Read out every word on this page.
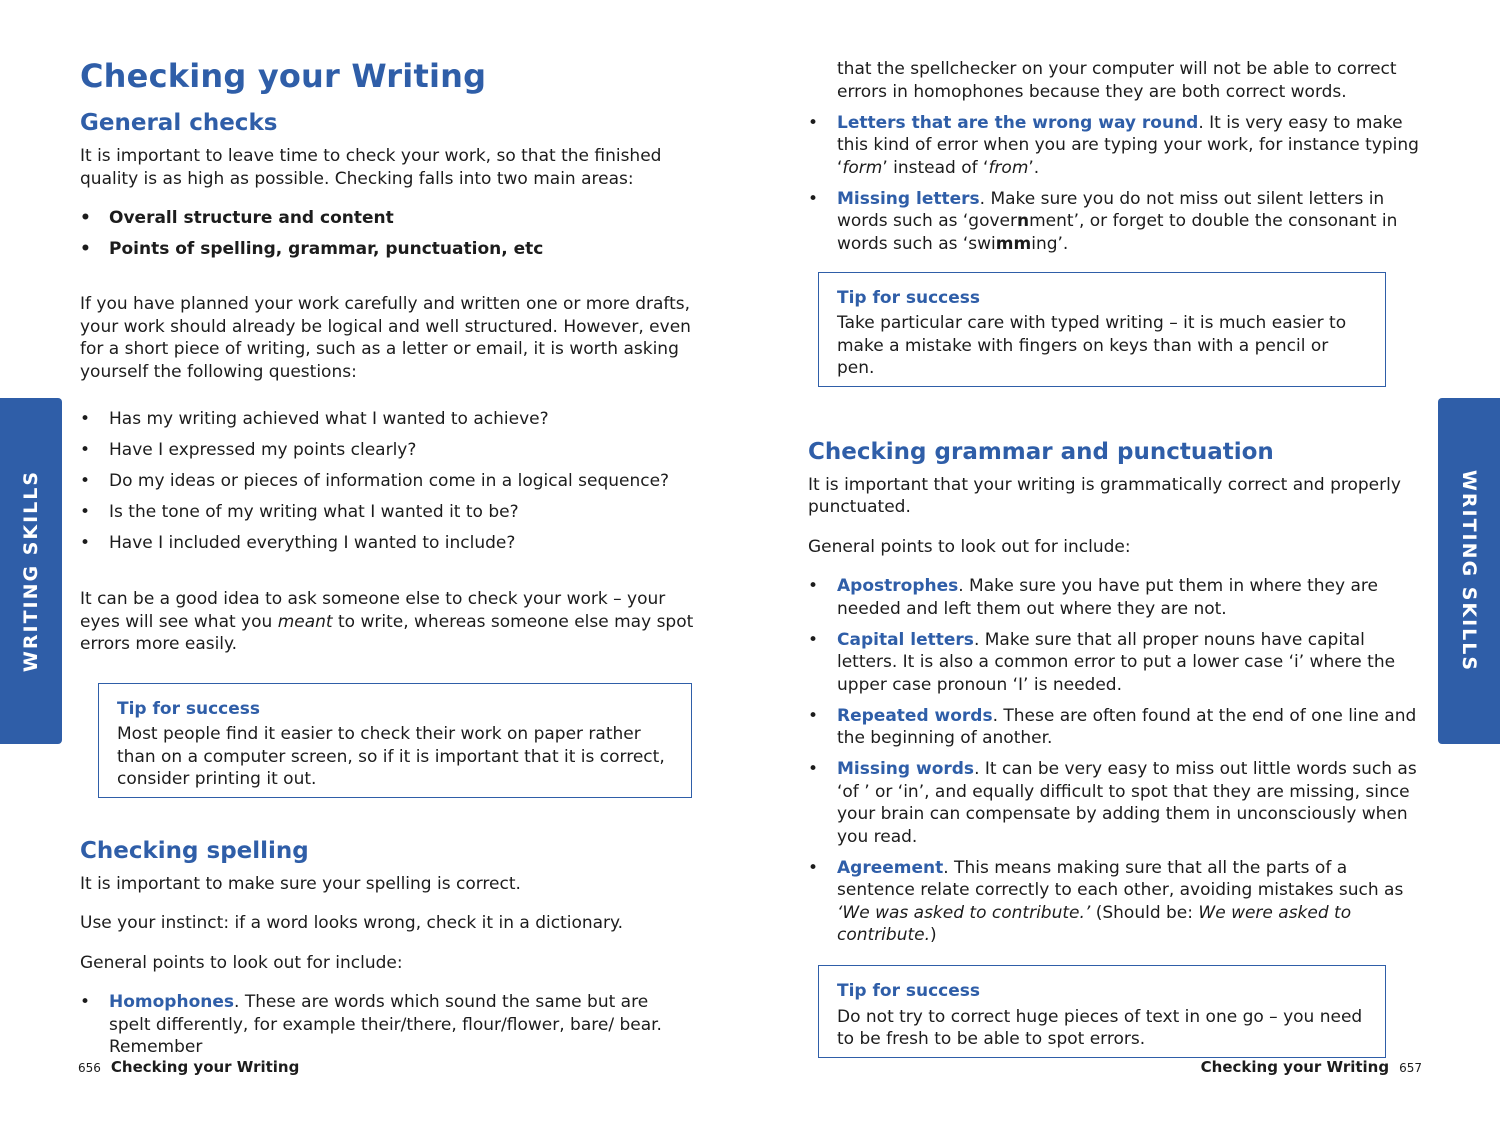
WRITING SKILLS	WRITING SKILLS
Checking your Writing
General checks

It is important to leave time to check your work, so that the finished quality is as high as possible. Checking falls into two main areas:

• Overall structure and content
• Points of spelling, grammar, punctuation, etc

If you have planned your work carefully and written one or more drafts, your work should already be logical and well structured. However, even for a short piece of writing, such as a letter or email, it is worth asking yourself the following questions:

• Has my writing achieved what I wanted to achieve?
• Have I expressed my points clearly?
• Do my ideas or pieces of information come in a logical sequence?
• Is the tone of my writing what I wanted it to be?
• Have I included everything I wanted to include?

It can be a good idea to ask someone else to check your work – your eyes will see what you meant to write, whereas someone else may spot errors more easily.

Tip for success
Most people find it easier to check their work on paper rather than on a computer screen, so if it is important that it is correct, consider printing it out.
Checking spelling

It is important to make sure your spelling is correct.

Use your instinct: if a word looks wrong, check it in a dictionary.

General points to look out for include:

• Homophones. These are words which sound the same but are spelt differently, for example their/there, flour/flower, bare/ bear. Remember
656 Checking your Writing
that the spellchecker on your computer will not be able to correct errors in homophones because they are both correct words.
• Letters that are the wrong way round. It is very easy to make this kind of error when you are typing your work, for instance typing ‘form’ instead of ‘from’.
• Missing letters. Make sure you do not miss out silent letters in words such as ‘government’, or forget to double the consonant in words such as ‘swimming’.
Tip for success
Take particular care with typed writing – it is much easier to make a mistake with fingers on keys than with a pencil or pen.
Checking grammar and punctuation

It is important that your writing is grammatically correct and properly punctuated.

General points to look out for include:

• Apostrophes. Make sure you have put them in where they are needed and left them out where they are not.
• Capital letters. Make sure that all proper nouns have capital letters. It is also a common error to put a lower case ‘i’ where the upper case pronoun ‘I’ is needed.
• Repeated words. These are often found at the end of one line and the beginning of another.
• Missing words. It can be very easy to miss out little words such as ‘of ’ or ‘in’, and equally difficult to spot that they are missing, since your brain can compensate by adding them in unconsciously when you read.
• Agreement. This means making sure that all the parts of a sentence relate correctly to each other, avoiding mistakes such as ‘We was asked to contribute.’ (Should be: We were asked to contribute.)
Tip for success
Do not try to correct huge pieces of text in one go – you need to be fresh to be able to spot errors.
Checking your Writing 657
